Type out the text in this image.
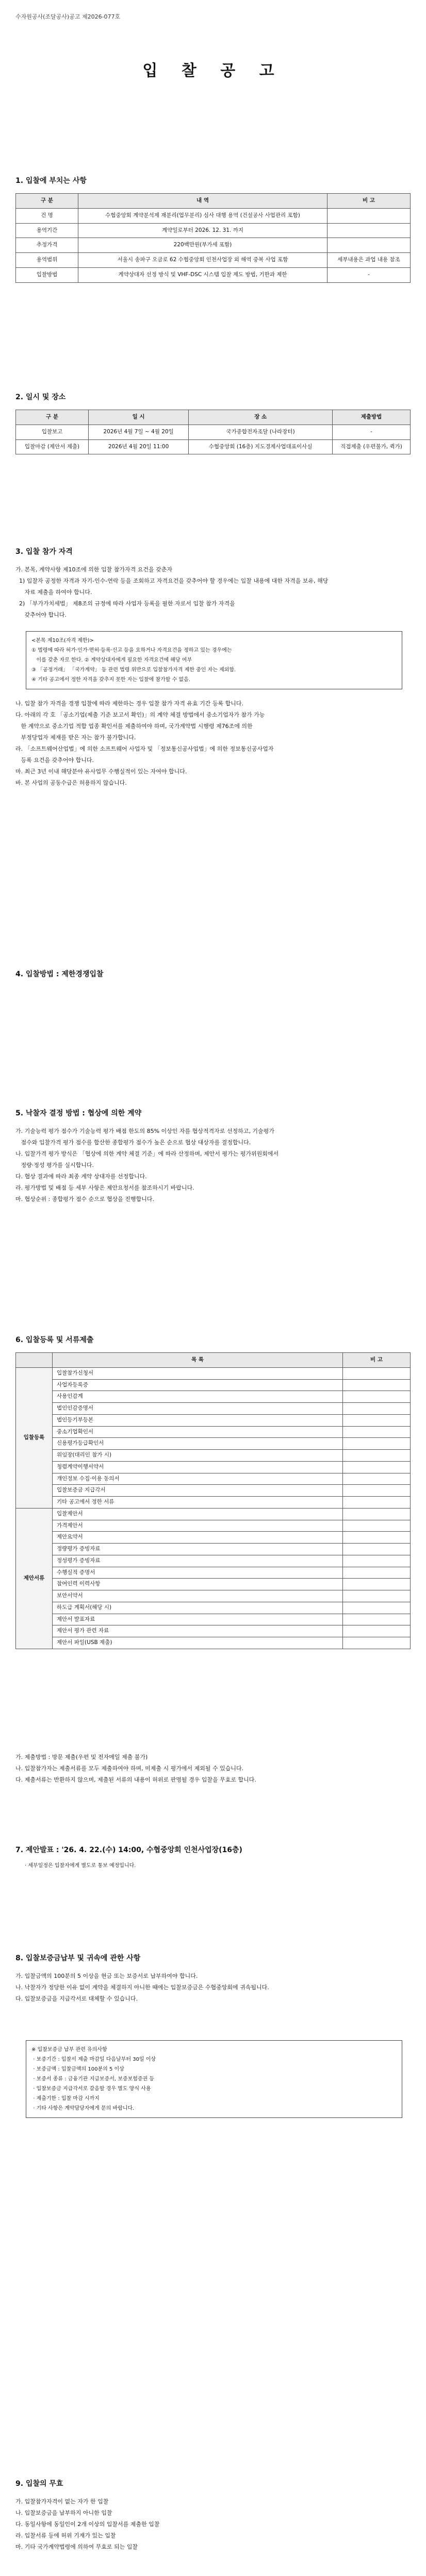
수자원공사(조달공사)공고 제2026-077호
입 찰 공 고
1. 입찰에 부치는 사항
구 분	내 역	비 고
건 명	수협중앙회 계약분석제 재분리(업무분리) 심사 대행 용역 (건설공사 사업관리 포함)	
용역기간	계약일로부터 2026. 12. 31. 까지	
추정가격	220백만원(부가세 포함)	
용역범위	서울시 송파구 오금로 62 수협중앙회 인천사업장 외 해역 중복 사업 포함	세부내용은 과업 내용 참조
입찰방법	계약상대자 선정 방식 및 VHF-DSC 시스템 입찰 제도 방법, 기한과 제한	-
2. 일시 및 장소
구 분	일 시	장 소	제출방법
입찰보고	2026년 4월 7일 ~ 4월 20일	국가종합전자조달 (나라장터)	-
입찰마감 (제안서 제출)	2026년 4월 20일 11:00	수협중앙회 (16층) 지도경제사업대표이사실	직접제출 (우편불가, 퀵가)
3. 입찰 참가 자격
가. 본목, 계약사항 제10조에 의한 입찰 참가자격 요건을 갖춘자
1) 입찰자 공정한 자격과 자기-인수-연락 등을 조회하고 자격요건을 갖추어야 할 경우에는 입찰 내용에 대한 자격을 보유, 해당
자료 제출을 하여야 합니다.
2) 「부가가치세법」 제8조의 규정에 따라 사업자 등록을 필한 자로서 입찰 참가 자격을
갖추어야 합니다.
<본목 제10조(자격 제한)>
① 법령에 따라 허가·인가·면허·등록·신고 등을 요하거나 자격요건을 정하고 있는 경우에는
이를 갖춘 자로 한다. ② 계약상대자에게 필요한 자격요건에 해당 여부
③ 「공정거래」 「국가계약」 등 관련 법령 위반으로 입찰참가자격 제한 중인 자는 제외함.
④ 기타 공고에서 정한 자격을 갖추지 못한 자는 입찰에 참가할 수 없음.
나. 입찰 참가 자격을 경쟁 입찰에 따라 제한하는 경우 입찰 참가 자격 유효 기간 등록 합니다.
다. 아래의 각 호 「공소기업(제출 기준 보고서 확인)」의 계약 체결 방법에서 중소기업자가 참가 가능
한 계약으로 중소기업 적합 업종 확인서를 제출하여야 하며, 국가계약법 시행령 제76조에 의한
부정당업자 제재를 받은 자는 참가 불가합니다.
라. 「소프트웨어산업법」에 의한 소프트웨어 사업자 및 「정보통신공사업법」에 의한 정보통신공사업자
등록 요건을 갖추어야 합니다.
마. 최근 3년 이내 해당분야 유사업무 수행실적이 있는 자여야 합니다.
바. 본 사업의 공동수급은 허용하지 않습니다.
4. 입찰방법 : 제한경쟁입찰
5. 낙찰자 결정 방법 : 협상에 의한 계약
가. 기술능력 평가 점수가 기술능력 평가 배점 한도의 85% 이상인 자를 협상적격자로 선정하고, 기술평가
점수와 입찰가격 평가 점수를 합산한 종합평가 점수가 높은 순으로 협상 대상자를 결정합니다.
나. 입찰가격 평가 방식은 「협상에 의한 계약 체결 기준」에 따라 산정하며, 제안서 평가는 평가위원회에서
정량·정성 평가를 실시합니다.
다. 협상 결과에 따라 최종 계약 상대자를 선정합니다.
라. 평가방법 및 배점 등 세부 사항은 제안요청서를 참조하시기 바랍니다.
마. 협상순위 : 종합평가 점수 순으로 협상을 진행합니다.
6. 입찰등록 및 서류제출
	목 록	비 고
입찰등록	입찰참가신청서	
	사업자등록증	
	사용인감계	
	법인인감증명서	
	법인등기부등본	
	중소기업확인서	
	신용평가등급확인서	
	위임장(대리인 참가 시)	
	청렴계약이행서약서	
	개인정보 수집·이용 동의서	
	입찰보증금 지급각서	
	기타 공고에서 정한 서류	
제안서류	입찰제안서	
	가격제안서	
	제안요약서	
	정량평가 증빙자료	
	정성평가 증빙자료	
	수행실적 증명서	
	참여인력 이력사항	
	보안서약서	
	하도급 계획서(해당 시)	
	제안서 발표자료	
	제안서 평가 관련 자료	
	제안서 파일(USB 제출)	
가. 제출방법 : 방문 제출(우편 및 전자메일 제출 불가)
나. 입찰참가자는 제출서류를 모두 제출하여야 하며, 미제출 시 평가에서 제외될 수 있습니다.
다. 제출서류는 반환하지 않으며, 제출된 서류의 내용이 허위로 판명될 경우 입찰을 무효로 합니다.
7. 제안발표 : '26. 4. 22.(수) 14:00, 수협중앙회 인천사업장(16층)
· 세부일정은 입찰자에게 별도로 통보 예정입니다.
8. 입찰보증금납부 및 귀속에 관한 사항
가. 입찰금액의 100분의 5 이상을 현금 또는 보증서로 납부하여야 합니다.
나. 낙찰자가 정당한 이유 없이 계약을 체결하지 아니한 때에는 입찰보증금은 수협중앙회에 귀속됩니다.
다. 입찰보증금을 지급각서로 대체할 수 있습니다.
※ 입찰보증금 납부 관련 유의사항
· 보증기간 : 입찰서 제출 마감일 다음날부터 30일 이상
· 보증금액 : 입찰금액의 100분의 5 이상
· 보증서 종류 : 금융기관 지급보증서, 보증보험증권 등
· 입찰보증금 지급각서로 갈음할 경우 별도 양식 사용
· 제출기한 : 입찰 마감 시까지
· 기타 사항은 계약담당자에게 문의 바랍니다.
9. 입찰의 무효
가. 입찰참가자격이 없는 자가 한 입찰
나. 입찰보증금을 납부하지 아니한 입찰
다. 동일사항에 동일인이 2개 이상의 입찰서를 제출한 입찰
라. 입찰서류 등에 허위 기재가 있는 입찰
마. 기타 국가계약법령에 의하여 무효로 되는 입찰
